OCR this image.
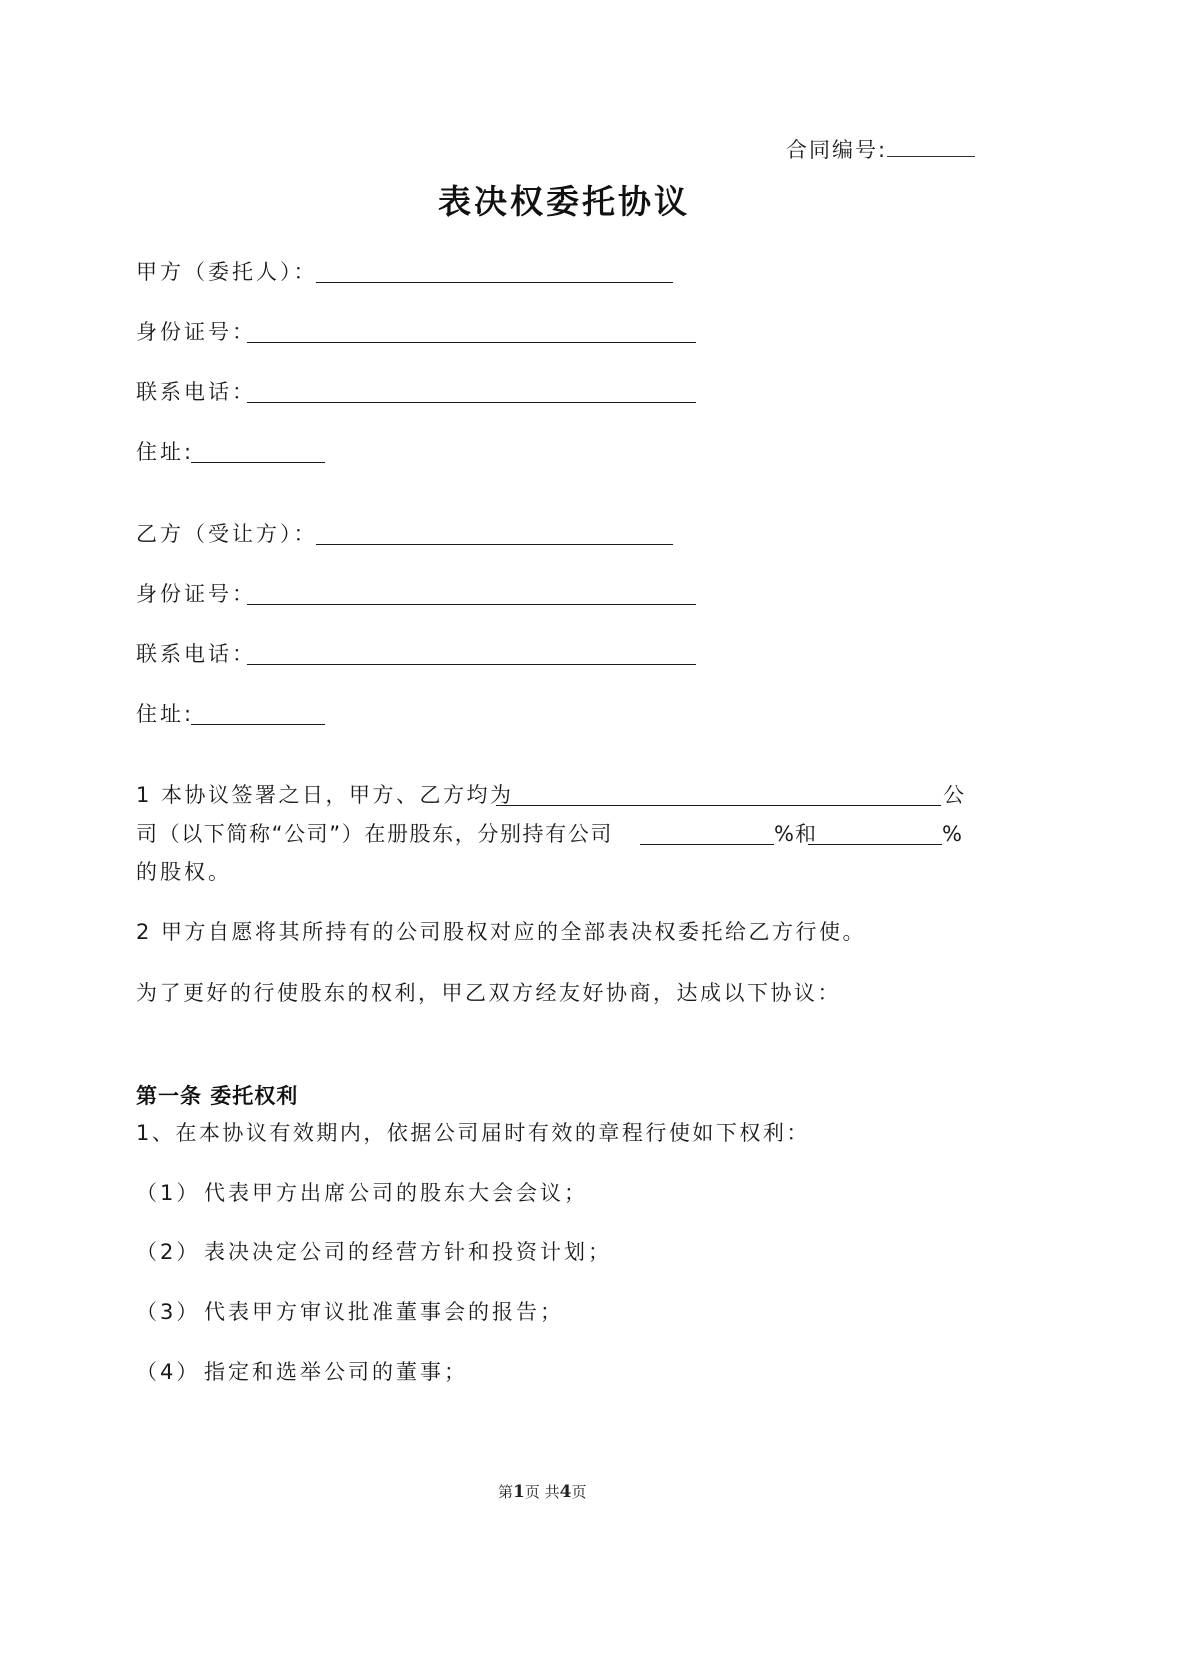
合同编号:
表决权委托协议
甲方（委托人）：
身份证号：
联系电话：
住址:
乙方（受让方）：
身份证号：
联系电话：
住址:
1 本协议签署之日，甲方、乙方均为	公
司（以下简称“公司”）在册股东，分别持有公司	%和	%
的股权。
2 甲方自愿将其所持有的公司股权对应的全部表决权委托给乙方行使。
为了更好的行使股东的权利，甲乙双方经友好协商，达成以下协议：
第一条 委托权利
1、在本协议有效期内，依据公司届时有效的章程行使如下权利：
（1） 代表甲方出席公司的股东大会会议；
（2） 表决决定公司的经营方针和投资计划；
（3） 代表甲方审议批准董事会的报告；
（4） 指定和选举公司的董事；
第1页 共4页
